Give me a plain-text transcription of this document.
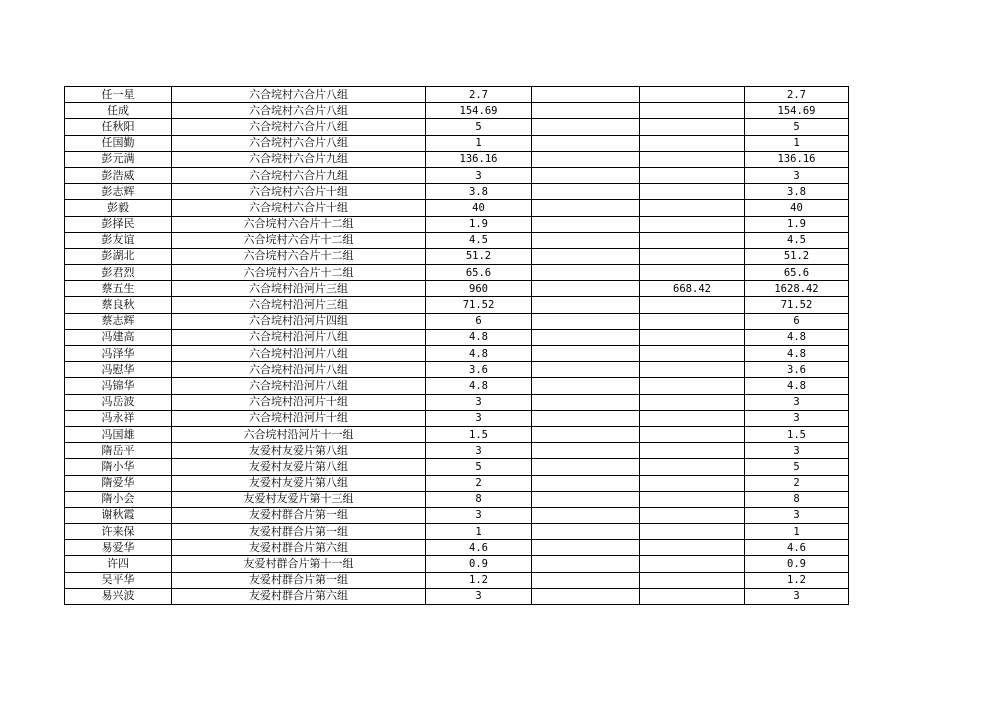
任一星	六合垸村六合片八组	2.7			2.7
任成	六合垸村六合片八组	154.69			154.69
任秋阳	六合垸村六合片八组	5			5
任国勤	六合垸村六合片八组	1			1
彭元满	六合垸村六合片九组	136.16			136.16
彭浩威	六合垸村六合片九组	3			3
彭志辉	六合垸村六合片十组	3.8			3.8
彭毅	六合垸村六合片十组	40			40
彭择民	六合垸村六合片十二组	1.9			1.9
彭友谊	六合垸村六合片十二组	4.5			4.5
彭湖北	六合垸村六合片十二组	51.2			51.2
彭君烈	六合垸村六合片十二组	65.6			65.6
蔡五生	六合垸村沿河片三组	960		668.42	1628.42
蔡良秋	六合垸村沿河片三组	71.52			71.52
蔡志辉	六合垸村沿河片四组	6			6
冯建高	六合垸村沿河片八组	4.8			4.8
冯泽华	六合垸村沿河片八组	4.8			4.8
冯慰华	六合垸村沿河片八组	3.6			3.6
冯锦华	六合垸村沿河片八组	4.8			4.8
冯岳波	六合垸村沿河片十组	3			3
冯永祥	六合垸村沿河片十组	3			3
冯国雄	六合垸村沿河片十一组	1.5			1.5
隋岳平	友爱村友爱片第八组	3			3
隋小华	友爱村友爱片第八组	5			5
隋爱华	友爱村友爱片第八组	2			2
隋小会	友爱村友爱片第十三组	8			8
谢秋霞	友爱村群合片第一组	3			3
许来保	友爱村群合片第一组	1			1
易爱华	友爱村群合片第六组	4.6			4.6
许四	友爱村群合片第十一组	0.9			0.9
吴平华	友爱村群合片第一组	1.2			1.2
易兴波	友爱村群合片第六组	3			3
